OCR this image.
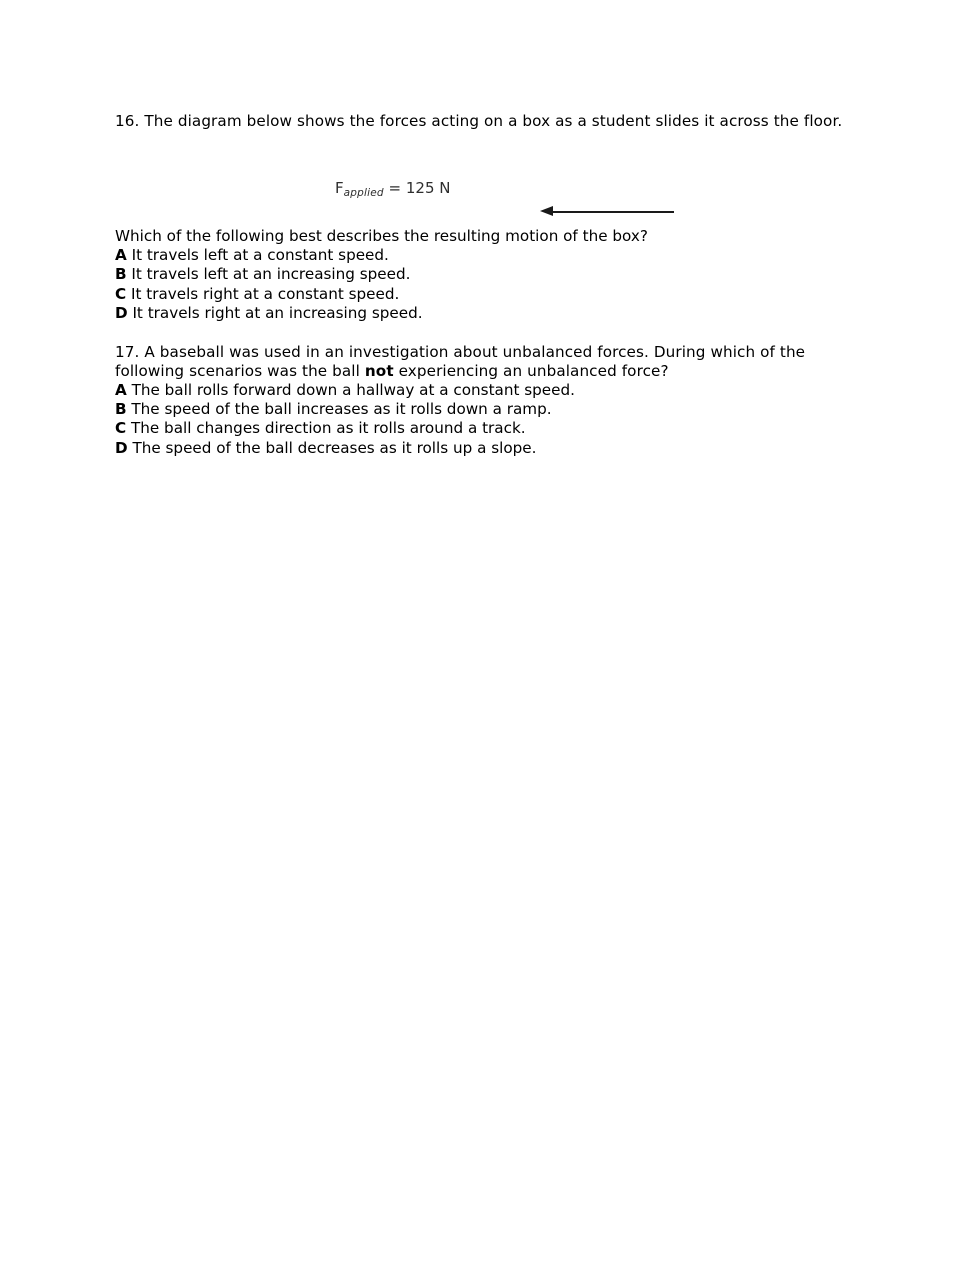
16. The diagram below shows the forces acting on a box as a student slides it across the floor.

$F_{applied} = 125$ N

Which of the following best describes the resulting motion of the box?

A It travels left at a constant speed.
B It travels left at an increasing speed.
C It travels right at a constant speed.
D It travels right at an increasing speed.

17. A baseball was used in an investigation about unbalanced forces. During which of the following scenarios was the ball not experiencing an unbalanced force?

A The ball rolls forward down a hallway at a constant speed.
B The speed of the ball increases as it rolls down a ramp.
C The ball changes direction as it rolls around a track.
D The speed of the ball decreases as it rolls up a slope.
